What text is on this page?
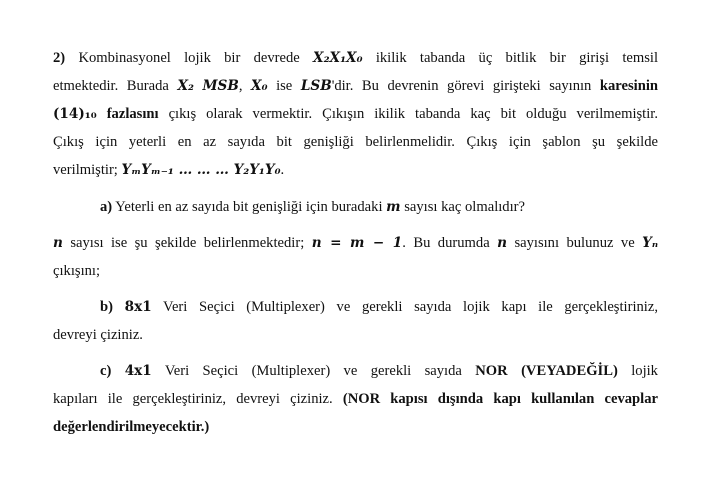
2) Kombinasyonel lojik bir devrede X₂X₁X₀ ikilik tabanda üç bitlik bir girişi temsil
etmektedir. Burada X₂ MSB, X₀ ise LSB'dir. Bu devrenin görevi girişteki sayının karesinin
(14)₁₀ fazlasını çıkış olarak vermektir. Çıkışın ikilik tabanda kaç bit olduğu verilmemiştir.
Çıkış için yeterli en az sayıda bit genişliği belirlenmelidir. Çıkış için şablon şu şekilde
verilmiştir; YₘYₘ₋₁ … … … Y₂Y₁Y₀.
a) Yeterli en az sayıda bit genişliği için buradaki m sayısı kaç olmalıdır?
n sayısı ise şu şekilde belirlenmektedir; n = m − 1. Bu durumda n sayısını bulunuz ve Yₙ
çıkışını;
b) 8x1 Veri Seçici (Multiplexer) ve gerekli sayıda lojik kapı ile gerçekleştiriniz,
devreyi çiziniz.
c) 4x1 Veri Seçici (Multiplexer) ve gerekli sayıda NOR (VEYADEĞİL) lojik
kapıları ile gerçekleştiriniz, devreyi çiziniz. (NOR kapısı dışında kapı kullanılan cevaplar
değerlendirilmeyecektir.)
